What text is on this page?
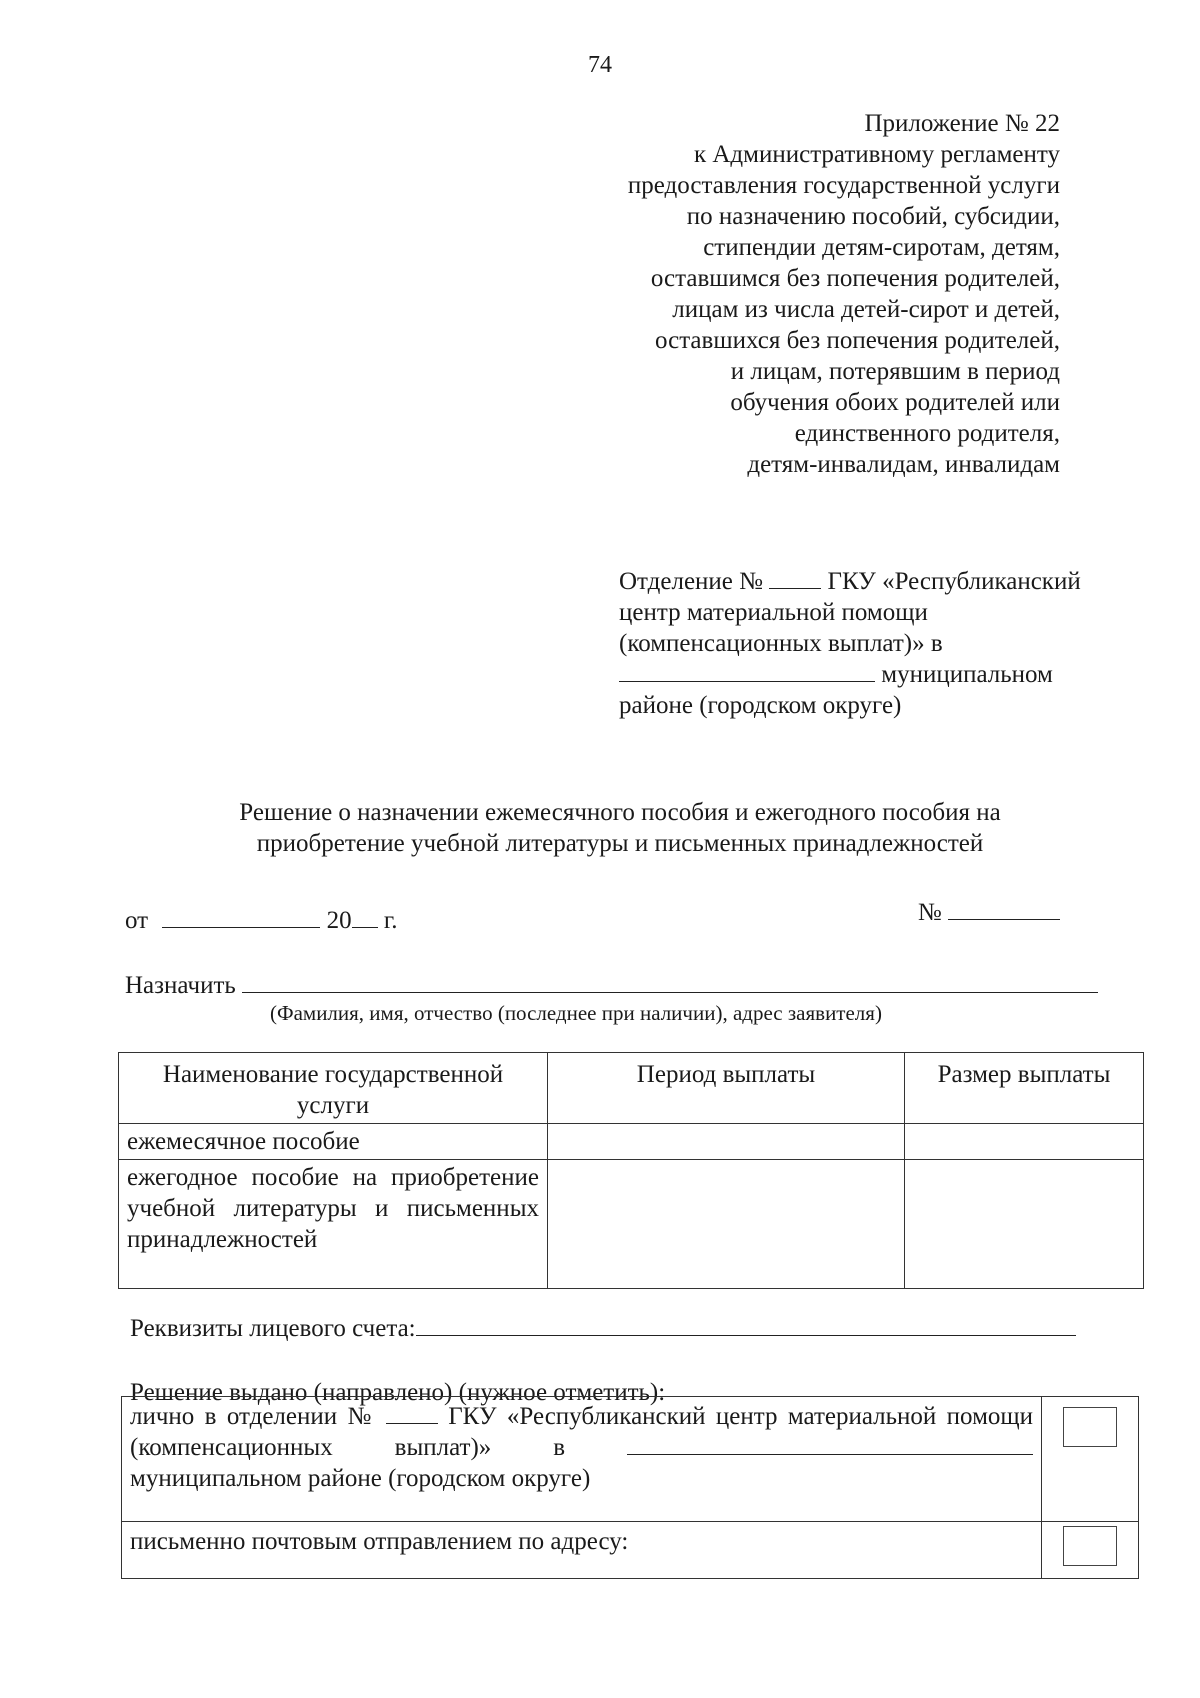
74
Приложение № 22
к Административному регламенту
предоставления государственной услуги
по назначению пособий, субсидии,
стипендии детям-сиротам, детям,
оставшимся без попечения родителей,
лицам из числа детей-сирот и детей,
оставшихся без попечения родителей,
и лицам, потерявшим в период
обучения обоих родителей или
единственного родителя,
детям-инвалидам, инвалидам
Отделение №	ГКУ «Республиканский
центр материальной помощи
(компенсационных выплат)» в
муниципальном
районе (городском округе)
Решение о назначении ежемесячного пособия и ежегодного пособия на
приобретение учебной литературы и письменных принадлежностей
от	20 г.	№
Назначить
(Фамилия, имя, отчество (последнее при наличии), адрес заявителя)
Наименование государственной услуги	Период выплаты	Размер выплаты
ежемесячное пособие		
ежегодное пособие на приобретение учебной литературы и письменных принадлежностей		
Реквизиты лицевого счета:
Решение выдано (направлено) (нужное отметить):
лично в отделении № ГКУ «Республиканский центр материальной помощи (компенсационных выплат)» в муниципальном районе (городском округе)	
письменно почтовым отправлением по адресу:	
